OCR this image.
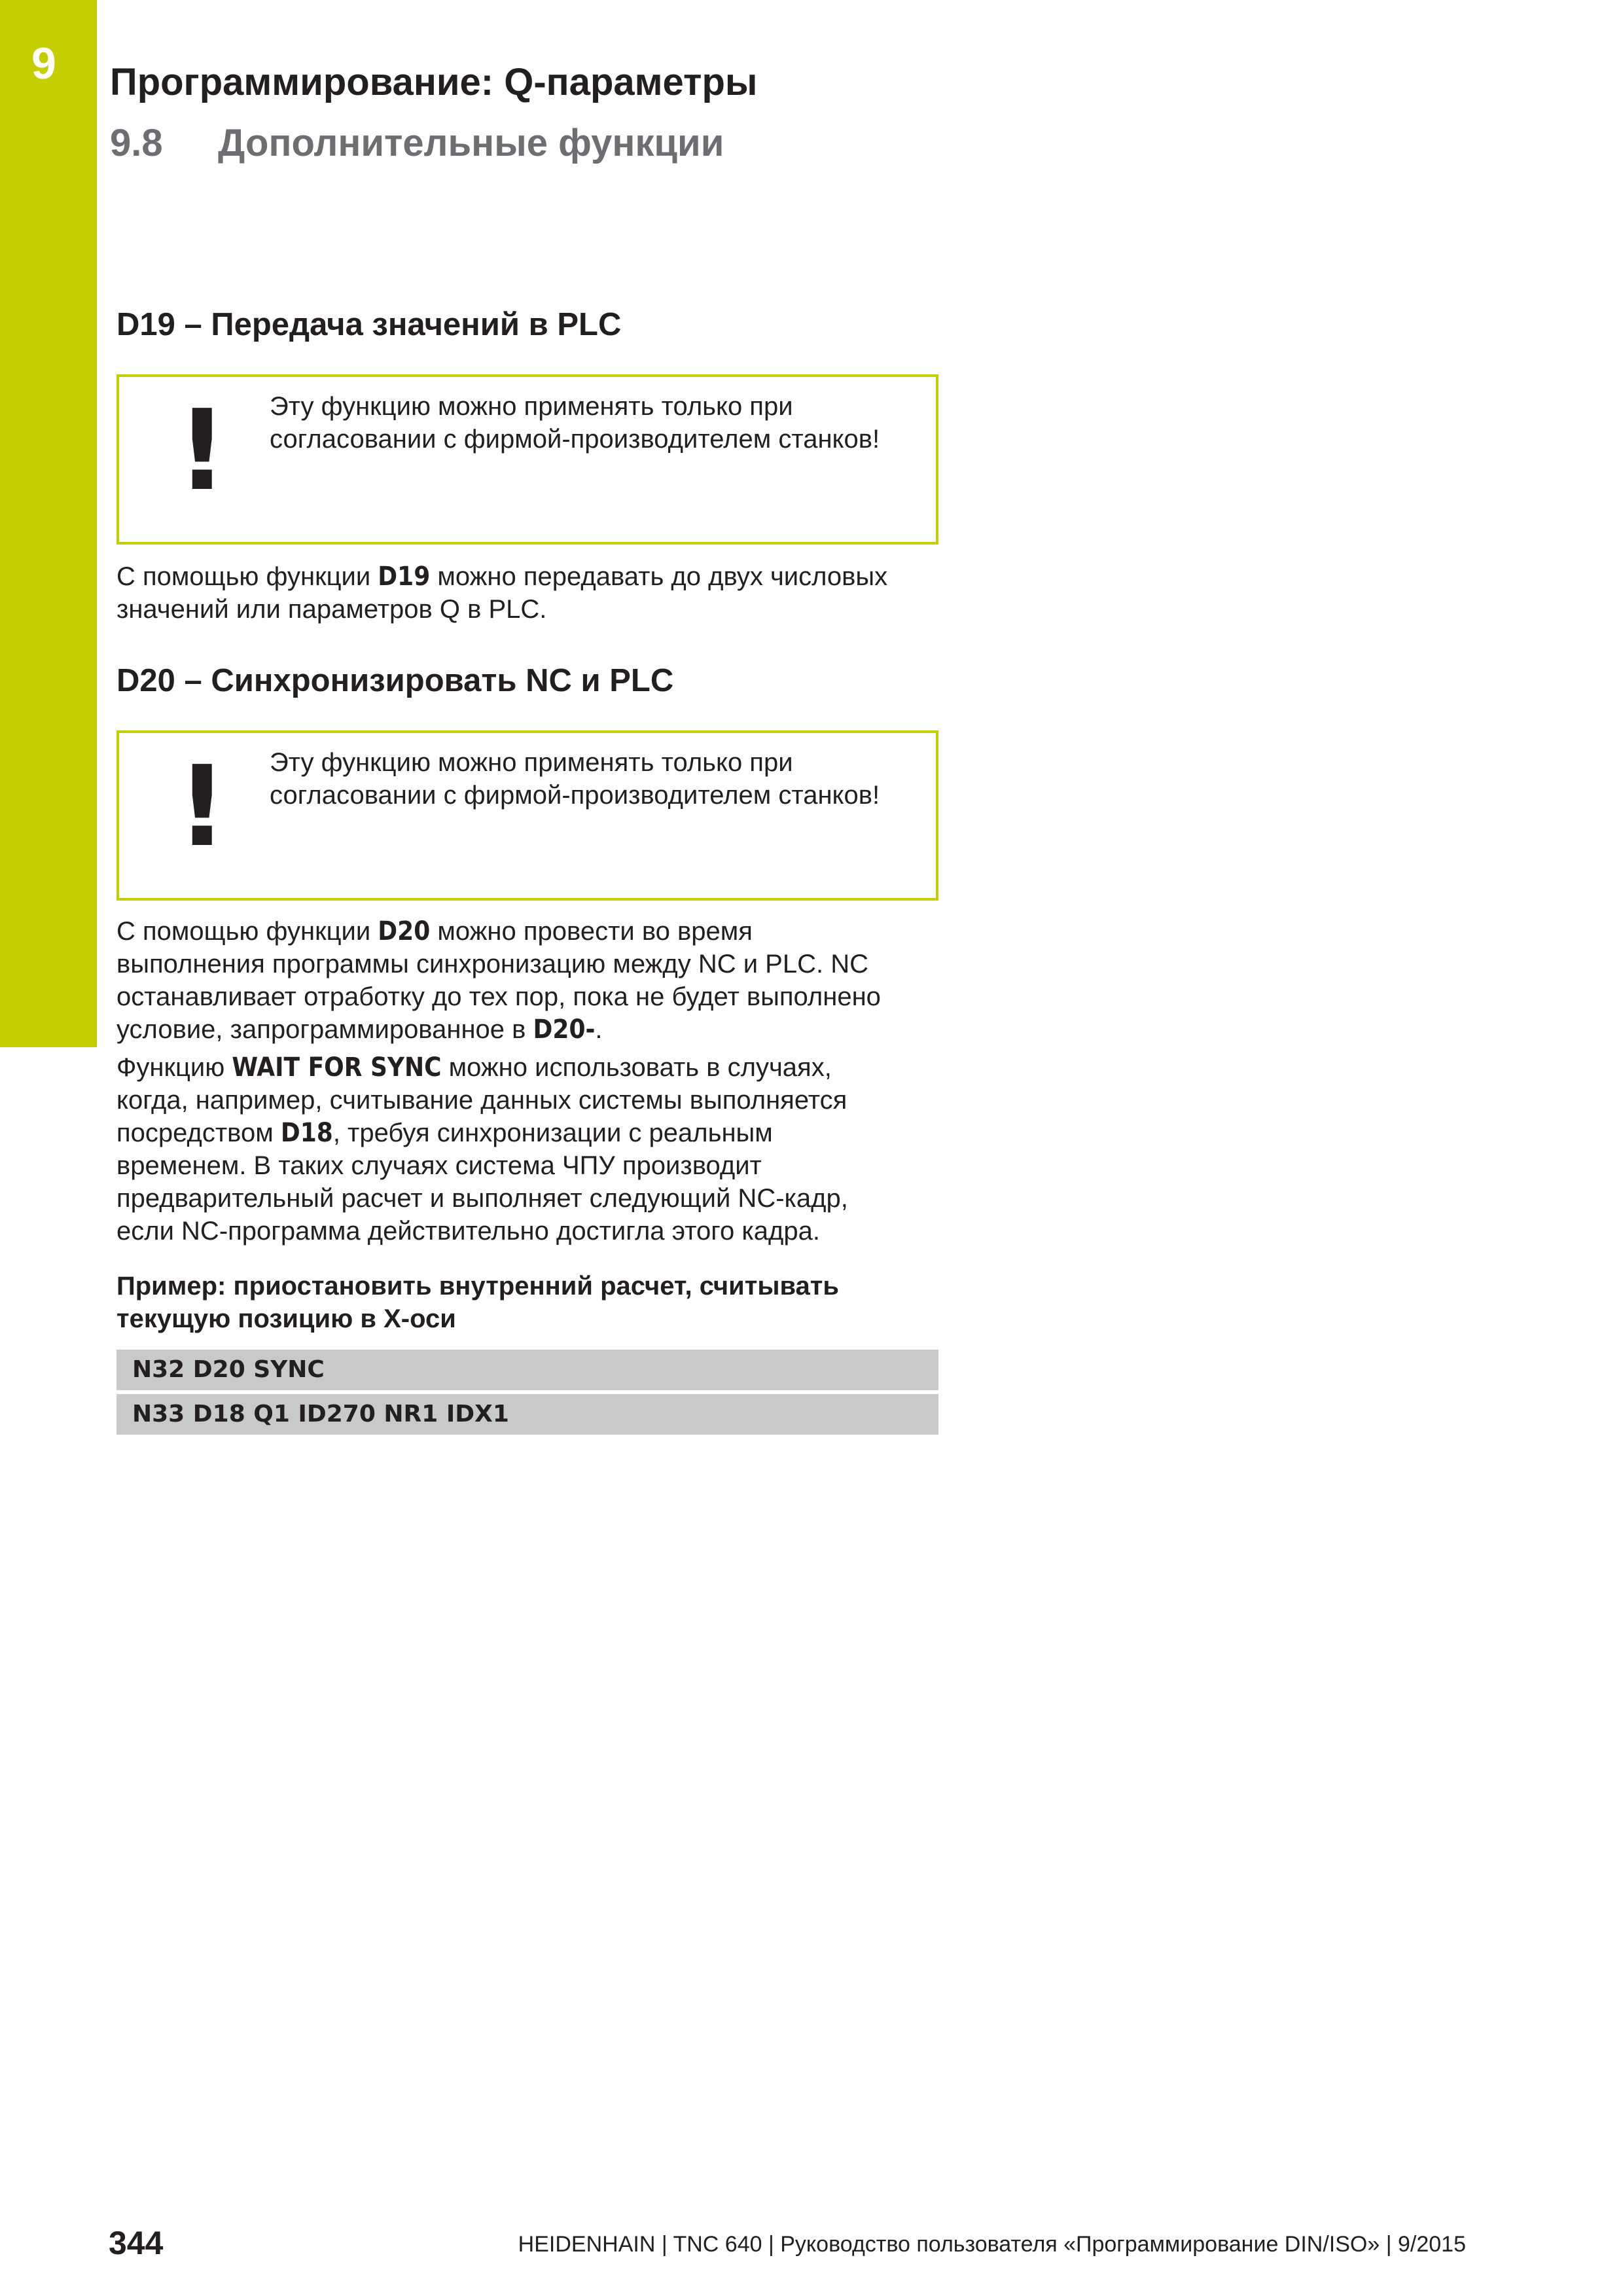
9 Программирование: Q-параметры
9.8 Дополнительные функции
D19 – Передача значений в PLC
! Эту функцию можно применять только при
согласовании с фирмой-производителем станков!

С помощью функции D19 можно передавать до двух числовых
значений или параметров Q в PLC.

D20 – Синхронизировать NC и PLC
! Эту функцию можно применять только при
согласовании с фирмой-производителем станков!

С помощью функции D20 можно провести во время
выполнения программы синхронизацию между NC и PLC. NC
останавливает отработку до тех пор, пока не будет выполнено
условие, запрограммированное в D20-.

Функцию WAIT FOR SYNC можно использовать в случаях,
когда, например, считывание данных системы выполняется
посредством D18, требуя синхронизации с реальным
временем. В таких случаях система ЧПУ производит
предварительный расчет и выполняет следующий NC-кадр,
если NC-программа действительно достигла этого кадра.

Пример: приостановить внутренний расчет, считывать
текущую позицию в X-оси

N32 D20 SYNC
N33 D18 Q1 ID270 NR1 IDX1
344	HEIDENHAIN | TNC 640 | Руководство пользователя «Программирование DIN/ISO» | 9/2015
